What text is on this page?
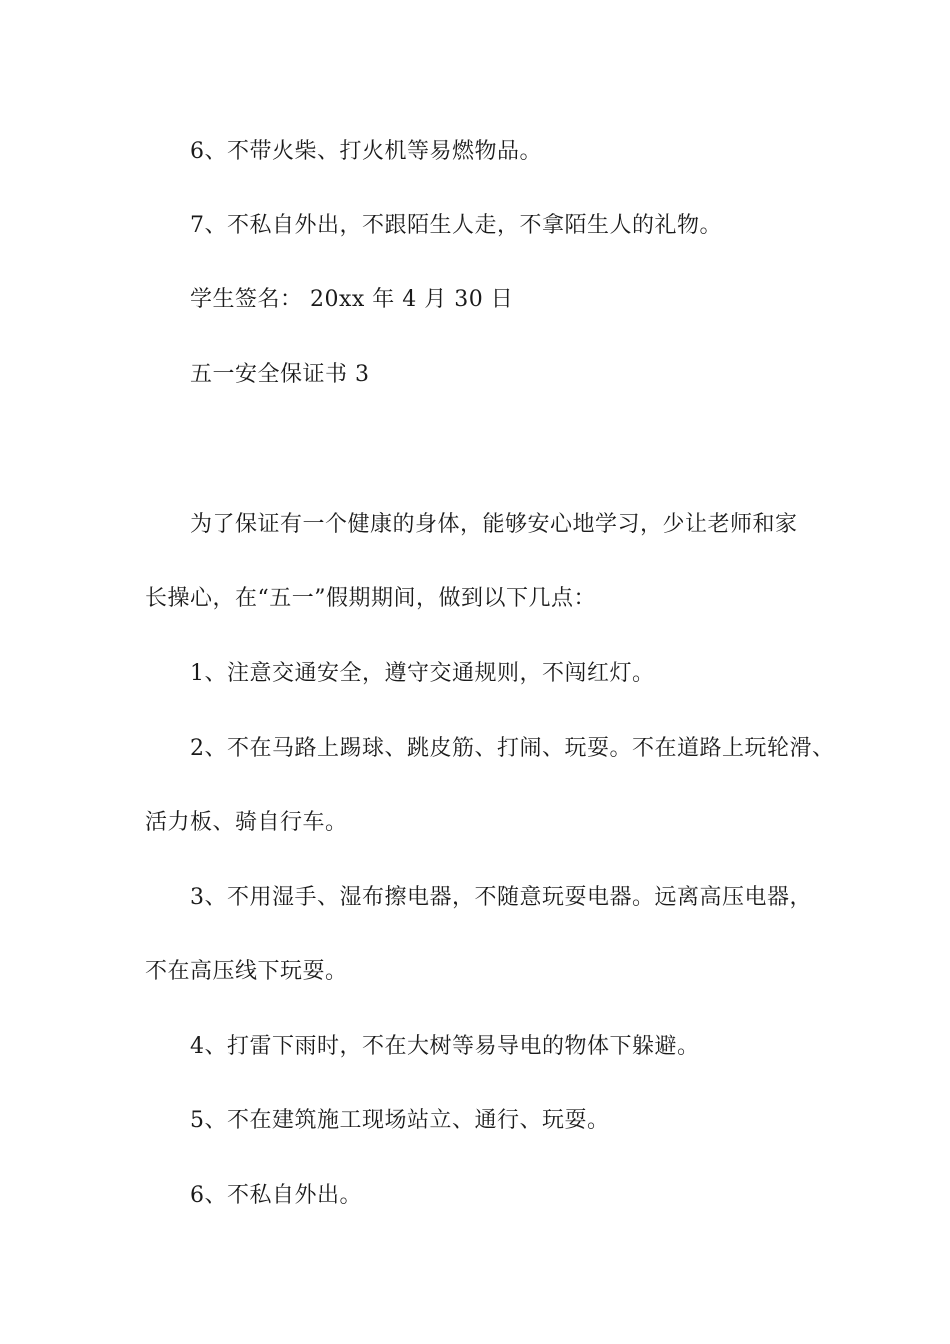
6、不带火柴、打火机等易燃物品。
7、不私自外出，不跟陌生人走，不拿陌生人的礼物。
学生签名： 20xx 年 4 月 30 日
五一安全保证书 3
为了保证有一个健康的身体，能够安心地学习，少让老师和家
长操心，在“五一”假期期间，做到以下几点：
1、注意交通安全，遵守交通规则，不闯红灯。
2、不在马路上踢球、跳皮筋、打闹、玩耍。不在道路上玩轮滑、
活力板、骑自行车。
3、不用湿手、湿布擦电器，不随意玩耍电器。远离高压电器，
不在高压线下玩耍。
4、打雷下雨时，不在大树等易导电的物体下躲避。
5、不在建筑施工现场站立、通行、玩耍。
6、不私自外出。
